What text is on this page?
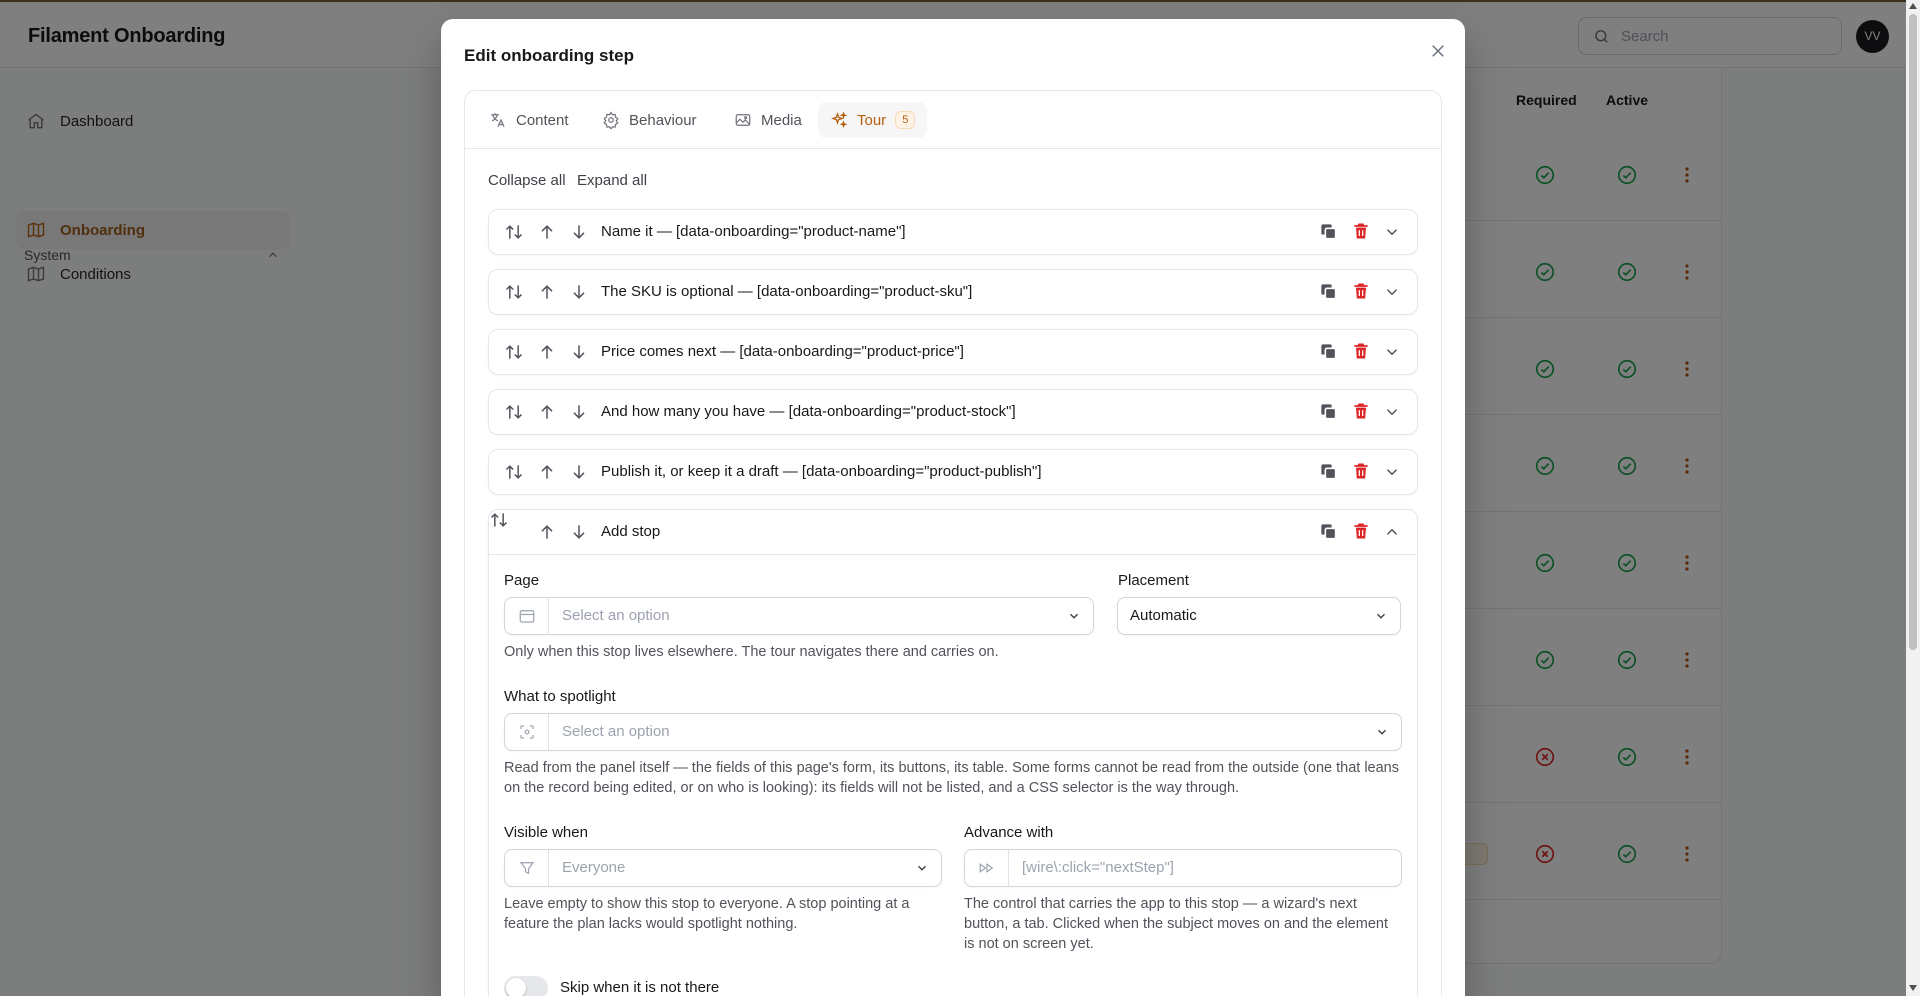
Edit onboarding step
Content	Behaviour	Media	Tour	5
Collapse all Expand all
Name it — [data-onboarding="product-name"]
The SKU is optional — [data-onboarding="product-sku"]
Price comes next — [data-onboarding="product-price"]
And how many you have — [data-onboarding="product-stock"]
Publish it, or keep it a draft — [data-onboarding="product-publish"]
Add stop
Page
Select an option
Only when this stop lives elsewhere. The tour navigates there and carries on.
Placement
Automatic
What to spotlight
Select an option
Read from the panel itself — the fields of this page's form, its buttons, its table. Some forms cannot be read from the outside (one that leans on the record being edited, or on who is looking): its fields will not be listed, and a CSS selector is the way through.
Visible when
Everyone
Leave empty to show this stop to everyone. A stop pointing at a feature the plan lacks would spotlight nothing.
Advance with
[wire\:click="nextStep"]
The control that carries the app to this stop — a wizard's next button, a tab. Clicked when the subject moves on and the element is not on screen yet.
Skip when it is not there
